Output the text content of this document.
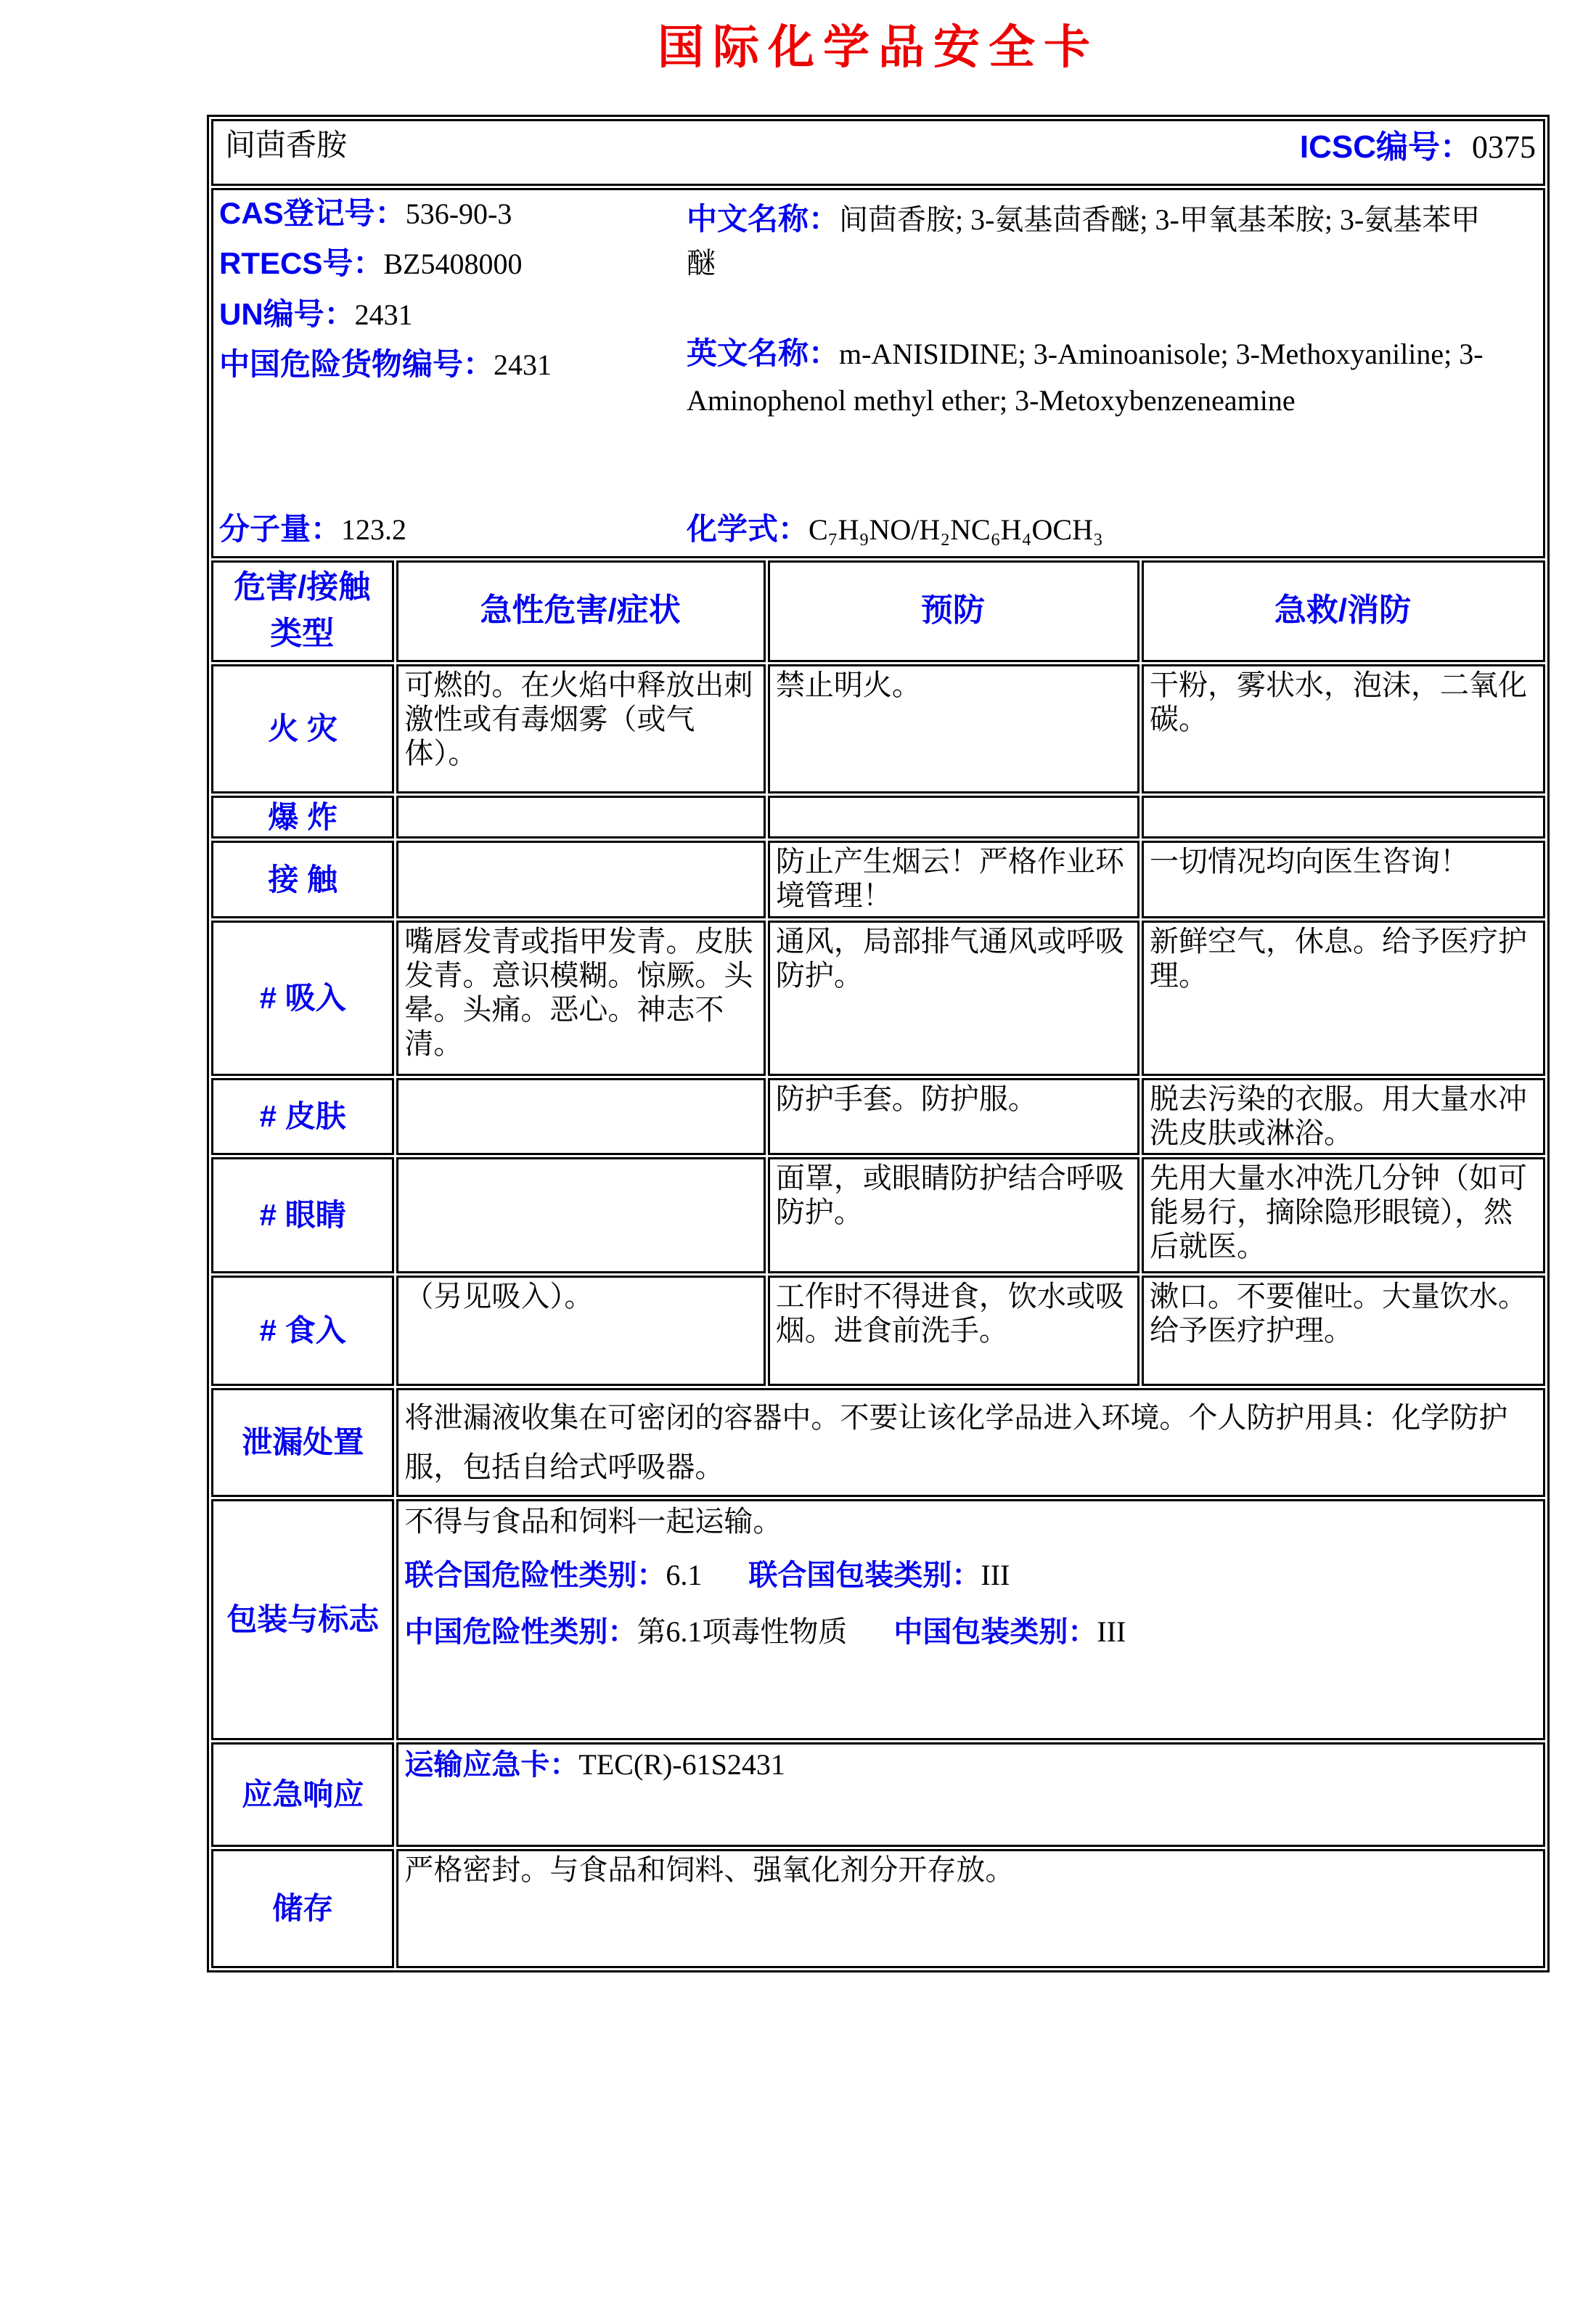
国际化学品安全卡
间茴香胺 ICSC编号：0375			

CAS登记号：536-90-3

RTECS号：BZ5408000

UN编号：2431

中国危险货物编号：2431

中文名称：间茴香胺; 3-氨基茴香醚; 3-甲氧基苯胺; 3-氨基苯甲醚

英文名称：m-ANISIDINE; 3-Aminoanisole; 3-Methoxyaniline; 3-Aminophenol methyl ether; 3-Metoxybenzeneamine

分子量：123.2	化学式：C₇H₉NO/H₂NC₆H₄OCH₃

危害/接触类型	急性危害/症状	预防	急救/消防
火 灾	可燃的。在火焰中释放出刺激性或有毒烟雾（或气体）。	禁止明火。	干粉，雾状水，泡沫，二氧化碳。
爆 炸			
接 触		防止产生烟云！严格作业环境管理！	一切情况均向医生咨询！
# 吸入	嘴唇发青或指甲发青。皮肤发青。意识模糊。惊厥。头晕。头痛。恶心。神志不清。	通风，局部排气通风或呼吸防护。	新鲜空气，休息。给予医疗护理。
# 皮肤		防护手套。防护服。	脱去污染的衣服。用大量水冲洗皮肤或淋浴。
# 眼睛		面罩，或眼睛防护结合呼吸防护。	先用大量水冲洗几分钟（如可能易行，摘除隐形眼镜），然后就医。
# 食入	（另见吸入）。	工作时不得进食，饮水或吸烟。进食前洗手。	漱口。不要催吐。大量饮水。给予医疗护理。
泄漏处置	将泄漏液收集在可密闭的容器中。不要让该化学品进入环境。个人防护用具：化学防护服，包括自给式呼吸器。		
包装与标志	不得与食品和饲料一起运输。

联合国危险性类别：6.1 联合国包装类别：III

中国危险性类别：第6.1项毒性物质 中国包装类别：III		

应急响应	运输应急卡：TEC(R)-61S2431		

储存	严格密封。与食品和饲料、强氧化剂分开存放。		
